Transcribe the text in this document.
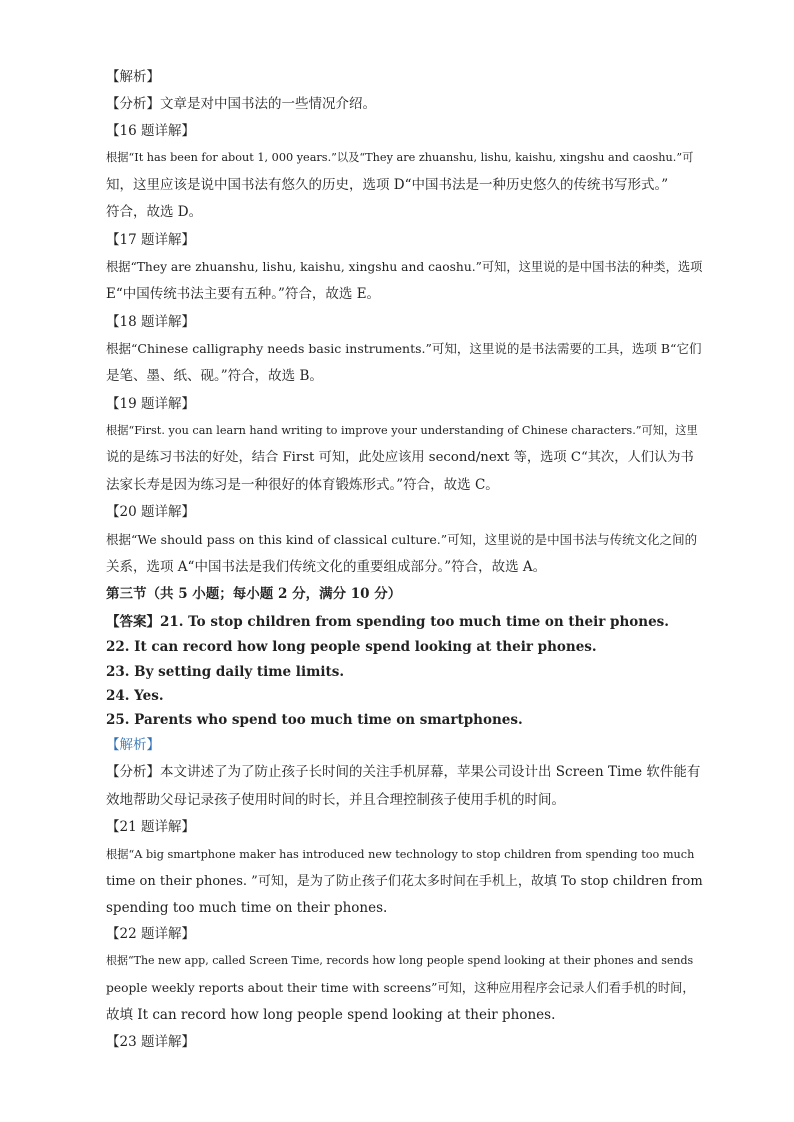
【解析】
【分析】文章是对中国书法的一些情况介绍。
【16 题详解】
根据“It has been for about 1, 000 years.”以及“They are zhuanshu, lishu, kaishu, xingshu and caoshu.”可
知，这里应该是说中国书法有悠久的历史，选项 D“中国书法是一种历史悠久的传统书写形式。”
符合，故选 D。
【17 题详解】
根据“They are zhuanshu, lishu, kaishu, xingshu and caoshu.”可知，这里说的是中国书法的种类，选项
E“中国传统书法主要有五种。”符合，故选 E。
【18 题详解】
根据“Chinese calligraphy needs basic instruments.”可知，这里说的是书法需要的工具，选项 B“它们
是笔、墨、纸、砚。”符合，故选 B。
【19 题详解】
根据“First. you can learn hand writing to improve your understanding of Chinese characters.”可知，这里
说的是练习书法的好处，结合 First 可知，此处应该用 second/next 等，选项 C“其次，人们认为书
法家长寿是因为练习是一种很好的体育锻炼形式。”符合，故选 C。
【20 题详解】
根据“We should pass on this kind of classical culture.”可知，这里说的是中国书法与传统文化之间的
关系，选项 A“中国书法是我们传统文化的重要组成部分。”符合，故选 A。
第三节（共 5 小题；每小题 2 分，满分 10 分）
【答案】21. To stop children from spending too much time on their phones.
22. It can record how long people spend looking at their phones.
23. By setting daily time limits.
24. Yes.
25. Parents who spend too much time on smartphones.
【解析】
【分析】本文讲述了为了防止孩子长时间的关注手机屏幕，苹果公司设计出 Screen Time 软件能有
效地帮助父母记录孩子使用时间的时长，并且合理控制孩子使用手机的时间。
【21 题详解】
根据“A big smartphone maker has introduced new technology to stop children from spending too much
time on their phones. ”可知，是为了防止孩子们花太多时间在手机上，故填 To stop children from
spending too much time on their phones.
【22 题详解】
根据“The new app, called Screen Time, records how long people spend looking at their phones and sends
people weekly reports about their time with screens”可知，这种应用程序会记录人们看手机的时间，
故填 It can record how long people spend looking at their phones.
【23 题详解】
